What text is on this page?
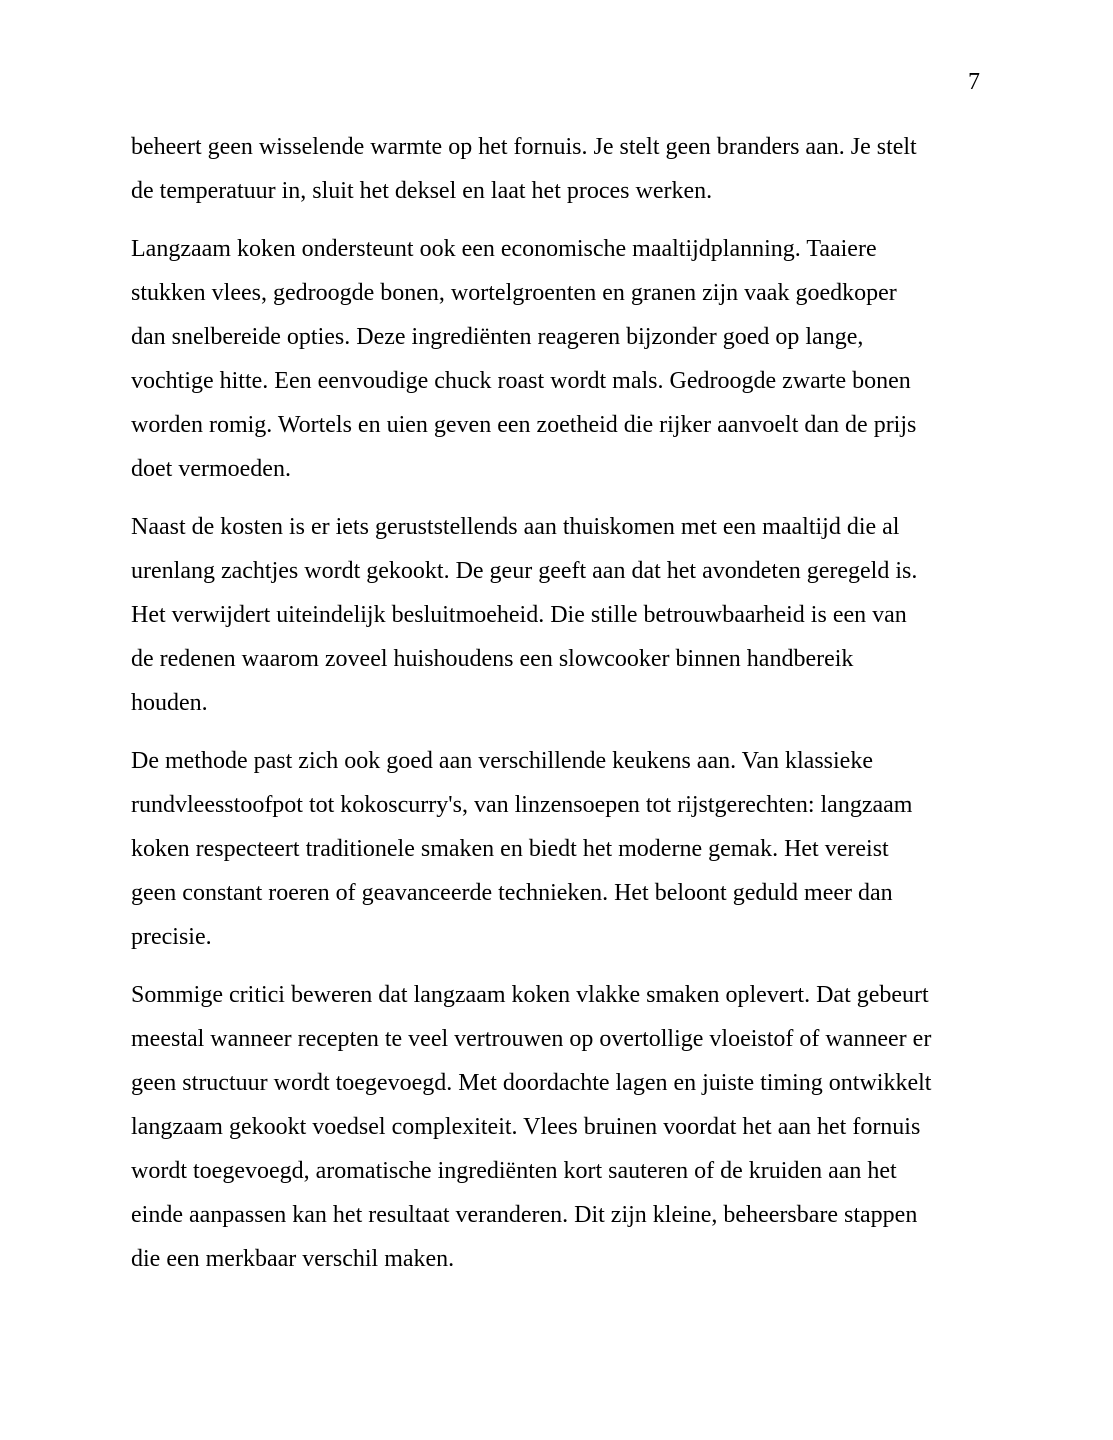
7
beheert geen wisselende warmte op het fornuis. Je stelt geen branders aan. Je stelt
de temperatuur in, sluit het deksel en laat het proces werken.
Langzaam koken ondersteunt ook een economische maaltijdplanning. Taaiere
stukken vlees, gedroogde bonen, wortelgroenten en granen zijn vaak goedkoper
dan snelbereide opties. Deze ingrediënten reageren bijzonder goed op lange,
vochtige hitte. Een eenvoudige chuck roast wordt mals. Gedroogde zwarte bonen
worden romig. Wortels en uien geven een zoetheid die rijker aanvoelt dan de prijs
doet vermoeden.
Naast de kosten is er iets geruststellends aan thuiskomen met een maaltijd die al
urenlang zachtjes wordt gekookt. De geur geeft aan dat het avondeten geregeld is.
Het verwijdert uiteindelijk besluitmoeheid. Die stille betrouwbaarheid is een van
de redenen waarom zoveel huishoudens een slowcooker binnen handbereik
houden.
De methode past zich ook goed aan verschillende keukens aan. Van klassieke
rundvleesstoofpot tot kokoscurry's, van linzensoepen tot rijstgerechten: langzaam
koken respecteert traditionele smaken en biedt het moderne gemak. Het vereist
geen constant roeren of geavanceerde technieken. Het beloont geduld meer dan
precisie.
Sommige critici beweren dat langzaam koken vlakke smaken oplevert. Dat gebeurt
meestal wanneer recepten te veel vertrouwen op overtollige vloeistof of wanneer er
geen structuur wordt toegevoegd. Met doordachte lagen en juiste timing ontwikkelt
langzaam gekookt voedsel complexiteit. Vlees bruinen voordat het aan het fornuis
wordt toegevoegd, aromatische ingrediënten kort sauteren of de kruiden aan het
einde aanpassen kan het resultaat veranderen. Dit zijn kleine, beheersbare stappen
die een merkbaar verschil maken.
